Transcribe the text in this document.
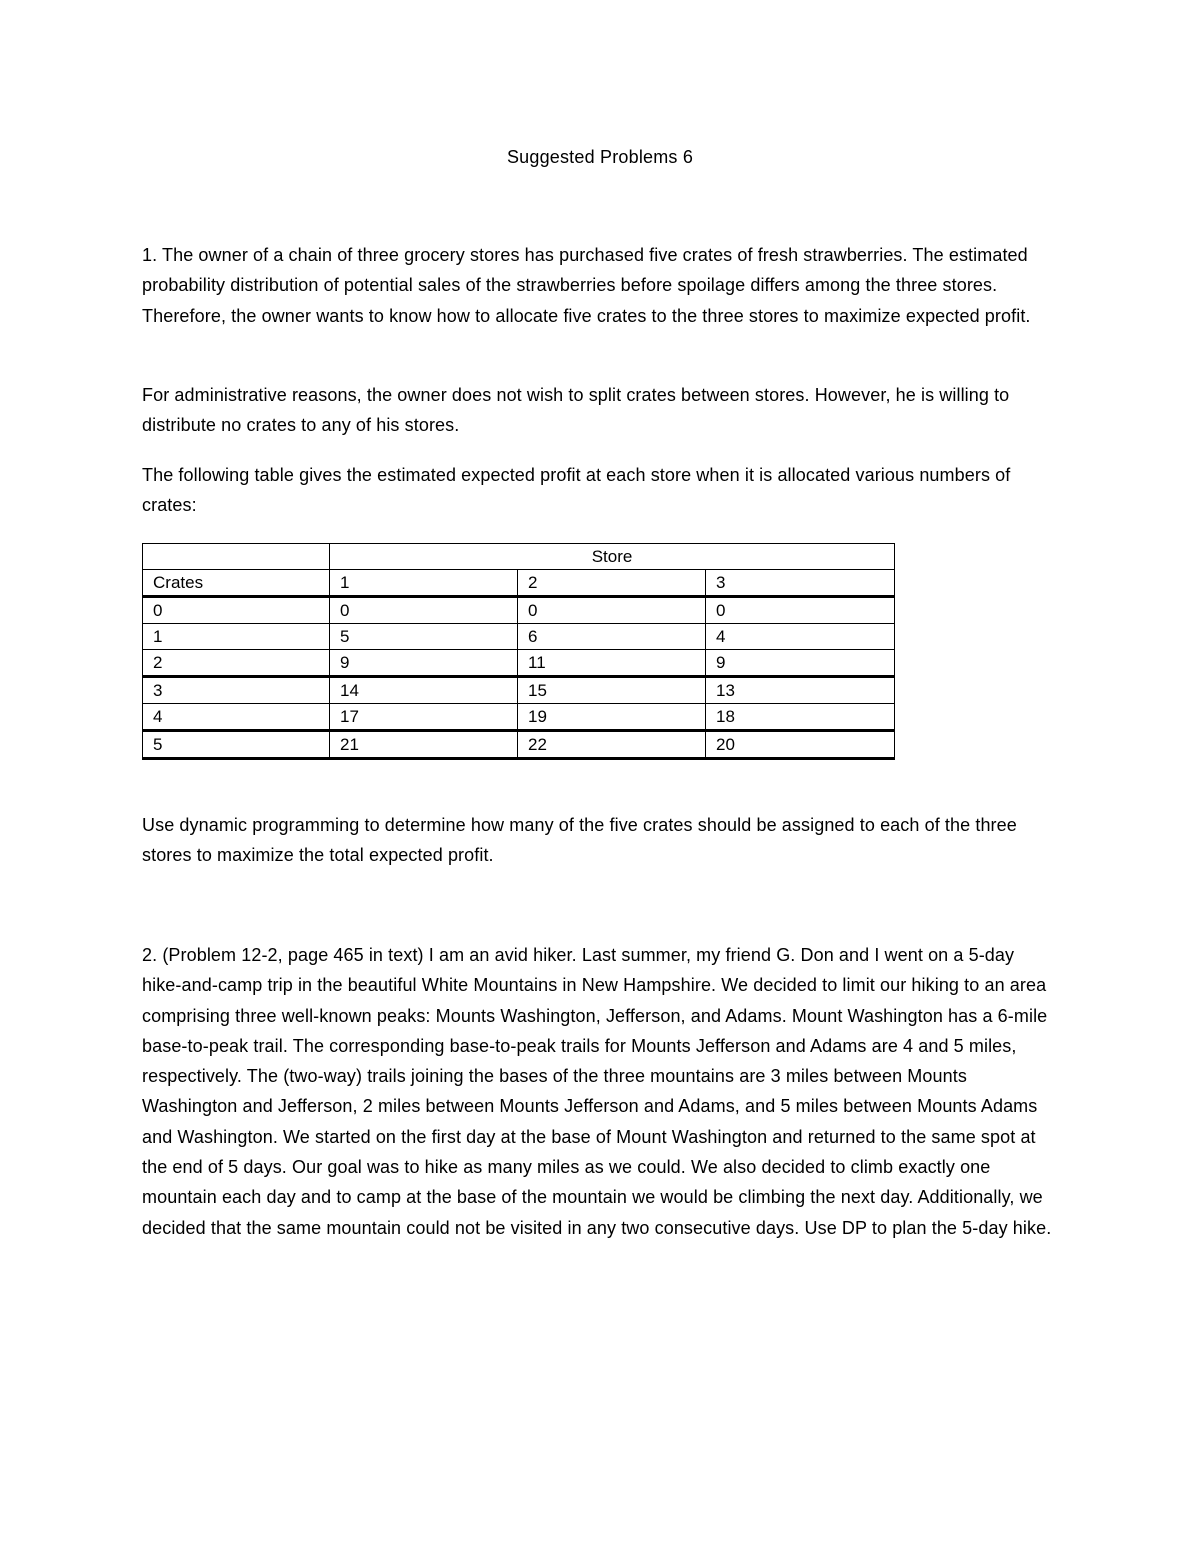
Suggested Problems 6

1. The owner of a chain of three grocery stores has purchased five crates of fresh strawberries. The estimated probability distribution of potential sales of the strawberries before spoilage differs among the three stores. Therefore, the owner wants to know how to allocate five crates to the three stores to maximize expected profit.

For administrative reasons, the owner does not wish to split crates between stores. However, he is willing to distribute no crates to any of his stores.

The following table gives the estimated expected profit at each store when it is allocated various numbers of crates:

	Store		
Crates	1	2	3
0	0	0	0
1	5	6	4
2	9	11	9
3	14	15	13
4	17	19	18
5	21	22	20

Use dynamic programming to determine how many of the five crates should be assigned to each of the three stores to maximize the total expected profit.

2. (Problem 12-2, page 465 in text) I am an avid hiker. Last summer, my friend G. Don and I went on a 5-day hike-and-camp trip in the beautiful White Mountains in New Hampshire. We decided to limit our hiking to an area comprising three well-known peaks: Mounts Washington, Jefferson, and Adams. Mount Washington has a 6-mile base-to-peak trail. The corresponding base-to-peak trails for Mounts Jefferson and Adams are 4 and 5 miles, respectively. The (two-way) trails joining the bases of the three mountains are 3 miles between Mounts Washington and Jefferson, 2 miles between Mounts Jefferson and Adams, and 5 miles between Mounts Adams and Washington. We started on the first day at the base of Mount Washington and returned to the same spot at the end of 5 days. Our goal was to hike as many miles as we could. We also decided to climb exactly one mountain each day and to camp at the base of the mountain we would be climbing the next day. Additionally, we decided that the same mountain could not be visited in any two consecutive days. Use DP to plan the 5-day hike.
